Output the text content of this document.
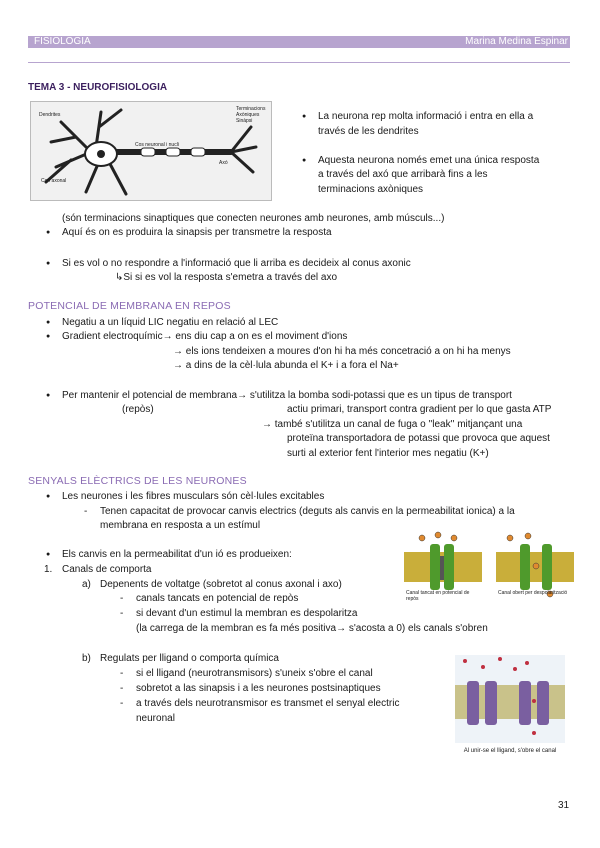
FISIOLOGIA	Marina Medina Espinar
TEMA 3 - NEUROFISIOLOGIA
Dendrites
Terminacions Axòniques Sinàpsi
Con axonal
Cos neuronal i nucli
Axó
● La neurona rep molta informació i entra en ella a
través de les dendrites
● Aquesta neurona només emet una única resposta
a través del axó que arribarà fins a les
terminacions axòniques
(són terminacions sinaptiques que conecten neurones amb neurones, amb músculs...)
● Aquí és on es produira la sinapsis per transmetre la resposta
● Si es vol o no respondre a l'informació que li arriba es decideix al conus axonic
↳Si si es vol la resposta s'emetra a través del axo
POTENCIAL DE MEMBRANA EN REPOS
● Negatiu a un líquid LIC negatiu en relació al LEC
● Gradient electroquímic→ ens diu cap a on es el moviment d'ions
→ els ions tendeixen a moures d'on hi ha més concetració a on hi ha menys
→ a dins de la cèl·lula abunda el K+ i a fora el Na+
● Per mantenir el potencial de membrana→ s'utilitza la bomba sodi-potassi que es un tipus de transport
(repòs)	actiu primari, transport contra gradient per lo que gasta ATP
→ també s'utilitza un canal de fuga o ''leak'' mitjançant una
proteïna transportadora de potassi que provoca que aquest
surti al exterior fent l'interior mes negatiu (K+)
SENYALS ELÈCTRICS DE LES NEURONES
● Les neurones i les fibres musculars són cèl·lules excitables
- Tenen capacitat de provocar canvis electrics (deguts als canvis en la permeabilitat ionica) a la
membrana en resposta a un estímul
● Els canvis en la permeabilitat d'un ió es produeixen:
1. Canals de comporta
a) Depenents de voltatge (sobretot al conus axonal i axo)
- canals tancats en potencial de repòs
- si devant d'un estimul la membran es despolaritza
(la carrega de la membran es fa més positiva→ s'acosta a 0) els canals s'obren
b) Regulats per lligand o comporta química
- si el lligand (neurotransmisors) s'uneix s'obre el canal
- sobretot a las sinapsis i a les neurones postsinaptiques
- a través dels neurotransmisor es transmet el senyal electric
neuronal
Canal tancat en potencial de repòs
Canal obert per despolarització
Al unir-se el lligand, s'obre el canal
31
